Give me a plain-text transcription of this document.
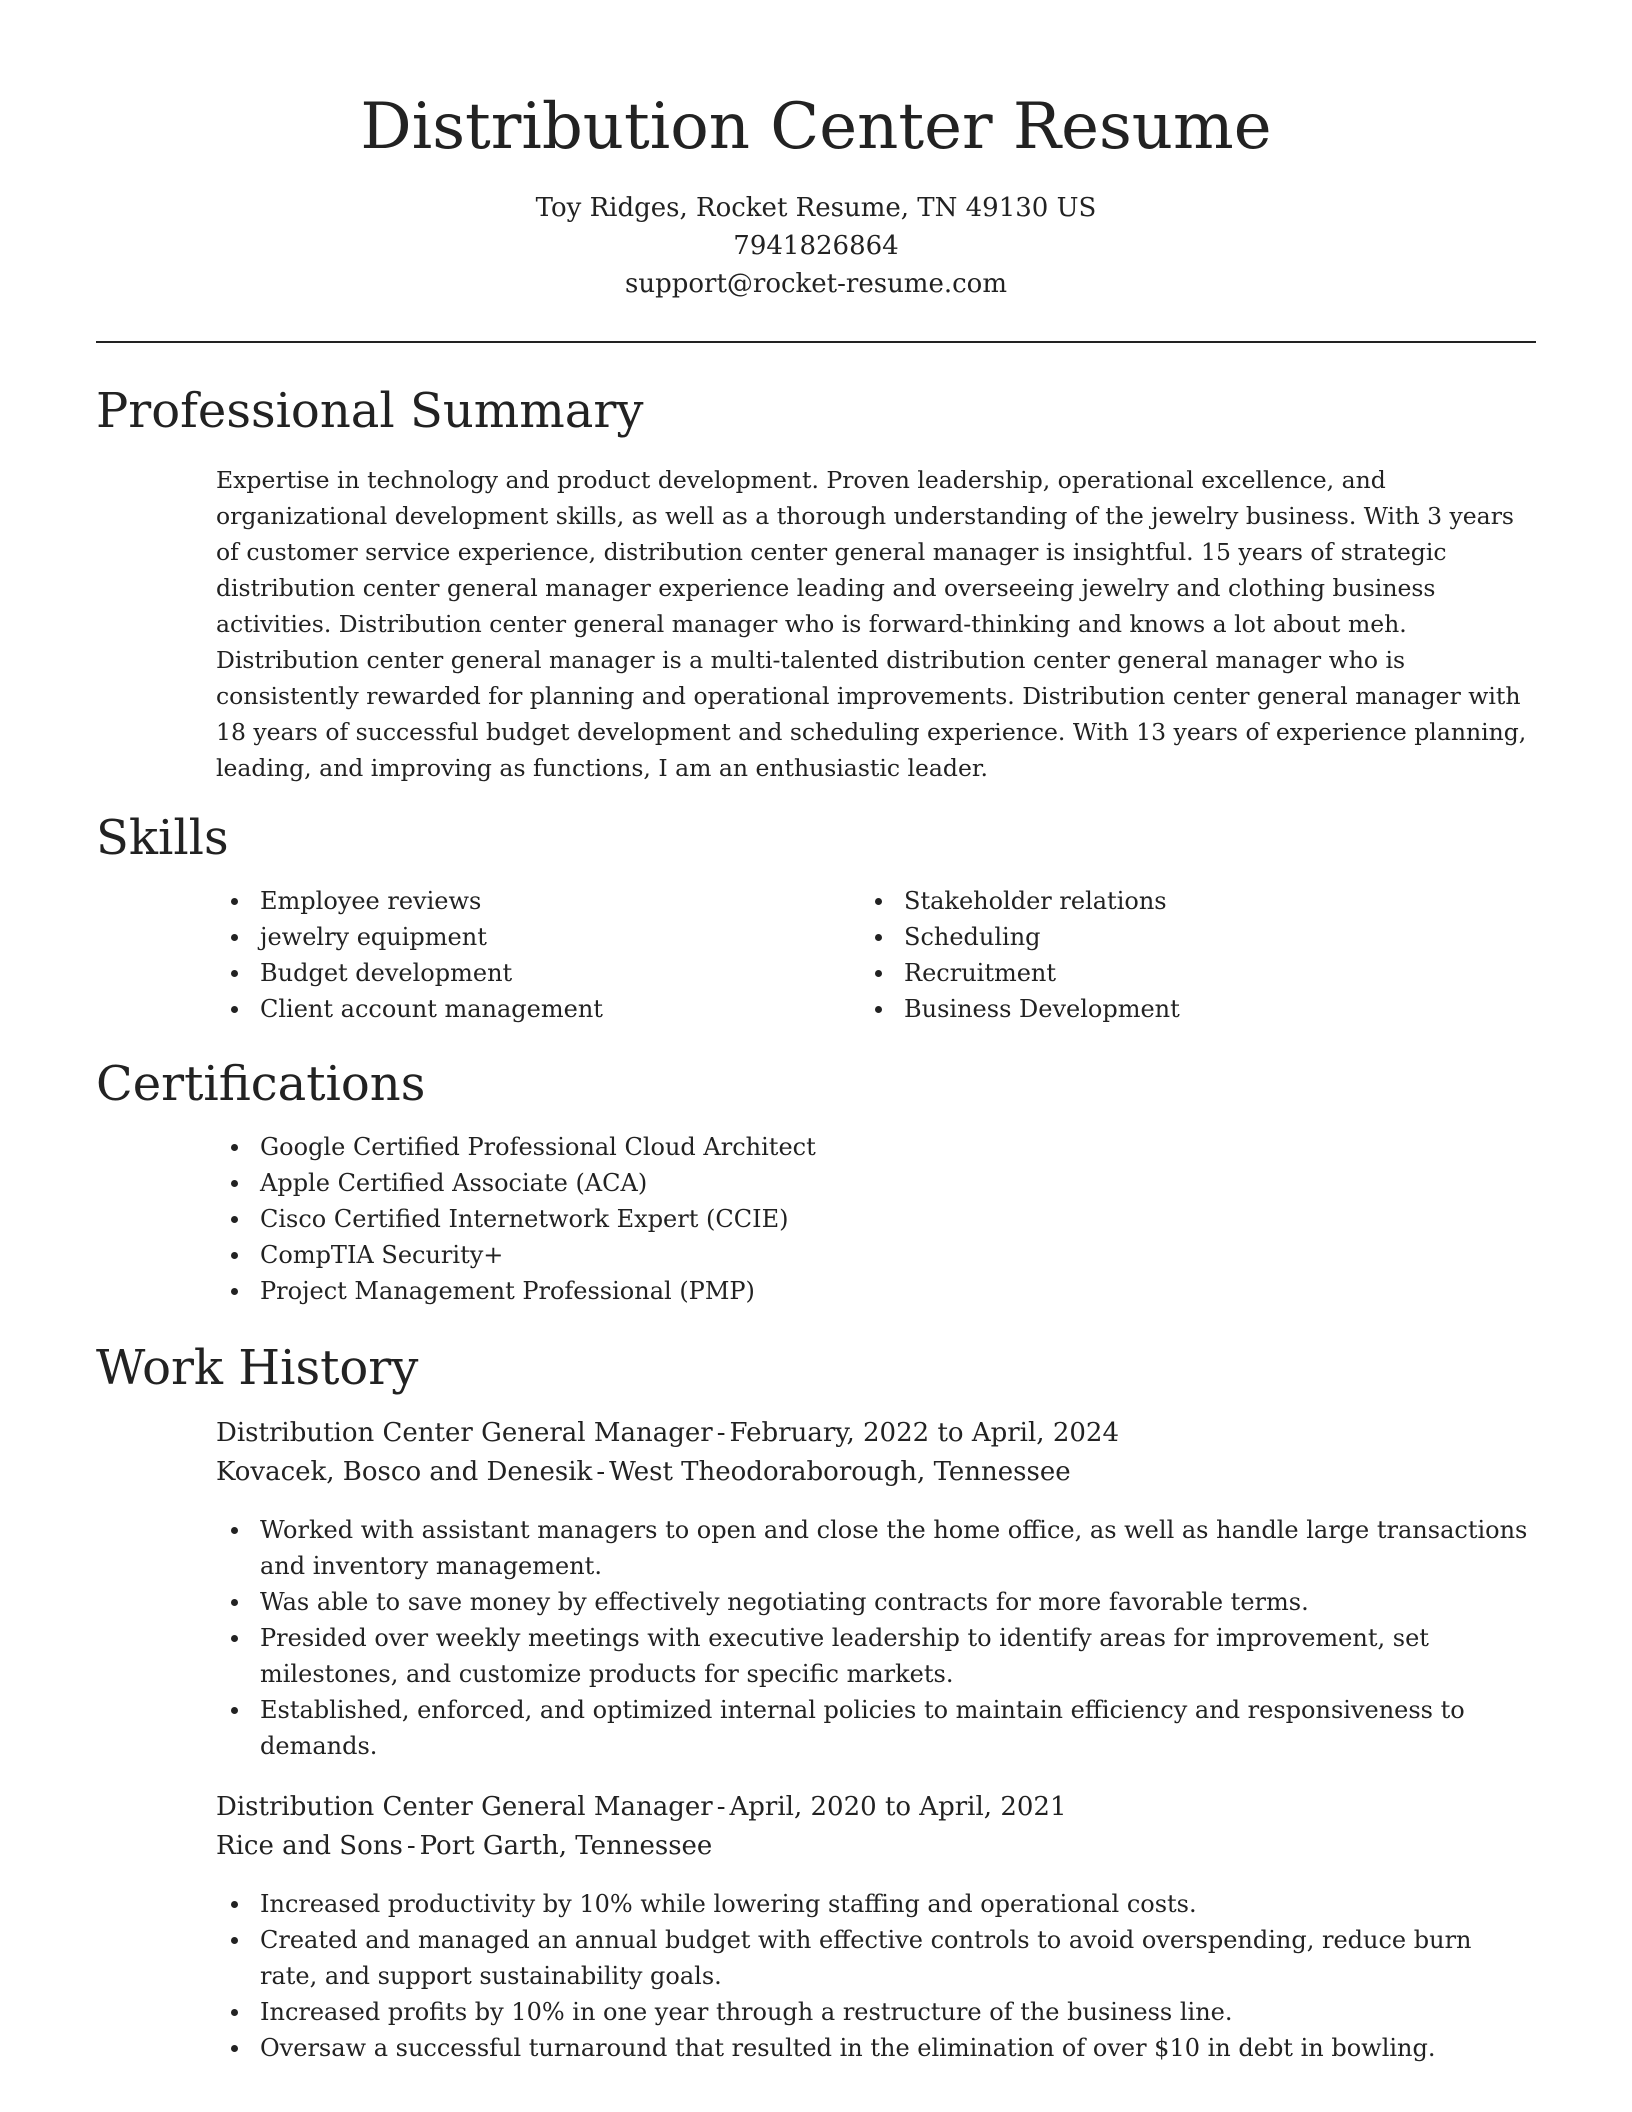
Distribution Center Resume
Toy Ridges, Rocket Resume, TN 49130 US
7941826864
support@rocket-resume.com
Professional Summary

Expertise in technology and product development. Proven leadership, operational excellence, and organizational development skills, as well as a thorough understanding of the jewelry business. With 3 years of customer service experience, distribution center general manager is insightful. 15 years of strategic distribution center general manager experience leading and overseeing jewelry and clothing business activities. Distribution center general manager who is forward-thinking and knows a lot about meh. Distribution center general manager is a multi-talented distribution center general manager who is consistently rewarded for planning and operational improvements. Distribution center general manager with 18 years of successful budget development and scheduling experience. With 13 years of experience planning, leading, and improving as functions, I am an enthusiastic leader.

Skills
Employee reviews
jewelry equipment
Budget development
Client account management
Stakeholder relations
Scheduling
Recruitment
Business Development
Certifications
Google Certified Professional Cloud Architect
Apple Certified Associate (ACA)
Cisco Certified Internetwork Expert (CCIE)
CompTIA Security+
Project Management Professional (PMP)
Work History
Distribution Center General Manager - February, 2022 to April, 2024
Kovacek, Bosco and Denesik - West Theodoraborough, Tennessee
Worked with assistant managers to open and close the home office, as well as handle large transactions and inventory management.
Was able to save money by effectively negotiating contracts for more favorable terms.
Presided over weekly meetings with executive leadership to identify areas for improvement, set milestones, and customize products for specific markets.
Established, enforced, and optimized internal policies to maintain efficiency and responsiveness to demands.
Distribution Center General Manager - April, 2020 to April, 2021
Rice and Sons - Port Garth, Tennessee
Increased productivity by 10% while lowering staffing and operational costs.
Created and managed an annual budget with effective controls to avoid overspending, reduce burn rate, and support sustainability goals.
Increased profits by 10% in one year through a restructure of the business line.
Oversaw a successful turnaround that resulted in the elimination of over $10 in debt in bowling.
